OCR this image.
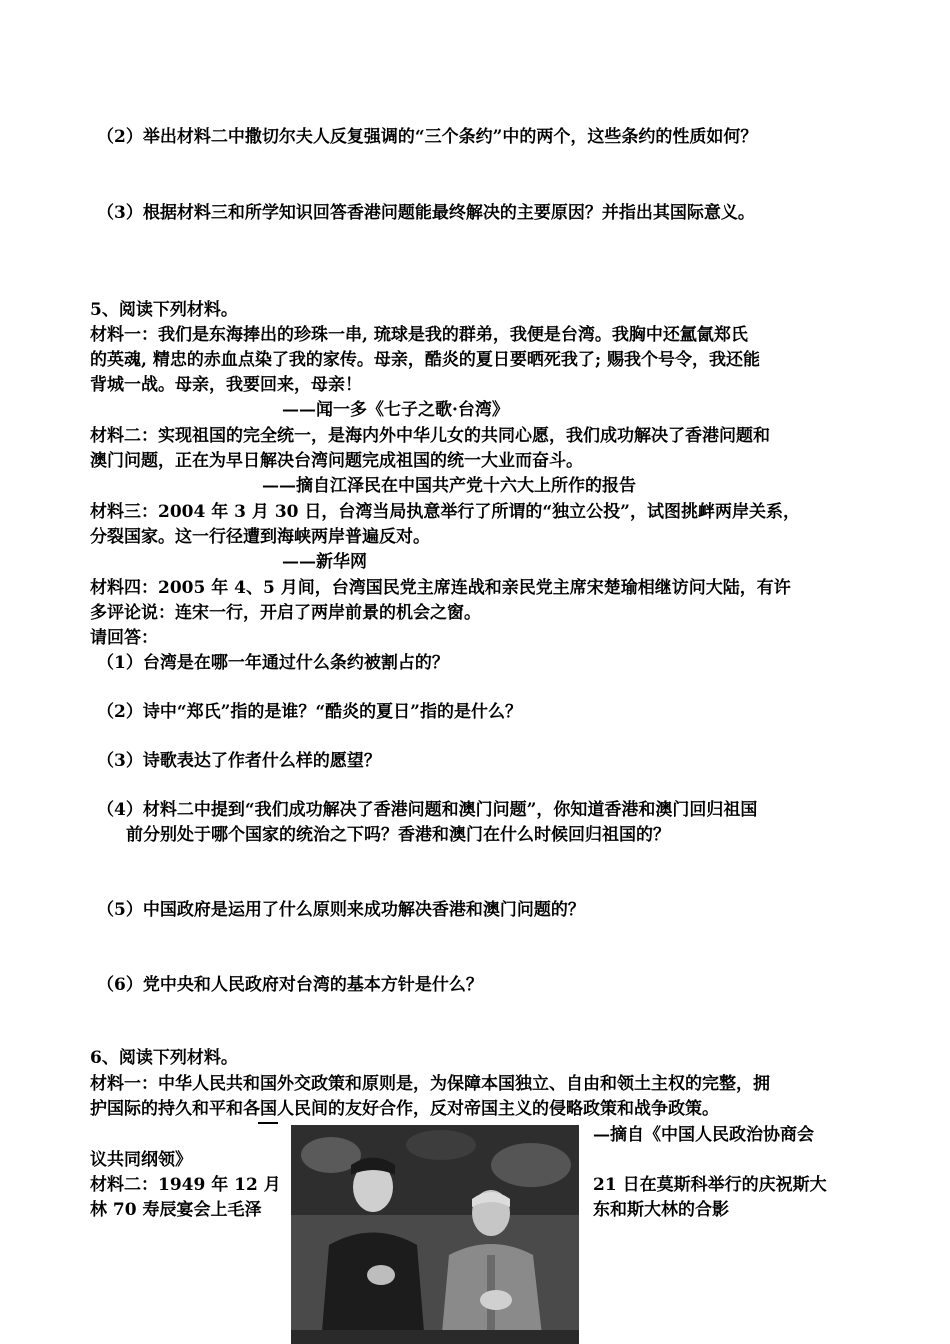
（2）举出材料二中撒切尔夫人反复强调的“三个条约”中的两个，这些条约的性质如何？
（3）根据材料三和所学知识回答香港问题能最终解决的主要原因？并指出其国际意义。
5、阅读下列材料。
材料一：我们是东海捧出的珍珠一串, 琉球是我的群弟，我便是台湾。我胸中还氲氤郑氏
的英魂, 精忠的赤血点染了我的家传。母亲，酷炎的夏日要晒死我了; 赐我个号令，我还能
背城一战。母亲，我要回来，母亲！
——闻一多《七子之歌·台湾》
材料二：实现祖国的完全统一，是海内外中华儿女的共同心愿，我们成功解决了香港问题和
澳门问题，正在为早日解决台湾问题完成祖国的统一大业而奋斗。
——摘自江泽民在中国共产党十六大上所作的报告
材料三：2004 年 3 月 30 日，台湾当局执意举行了所谓的“独立公投”，试图挑衅两岸关系，
分裂国家。这一行径遭到海峡两岸普遍反对。
——新华网
材料四：2005 年 4、5 月间，台湾国民党主席连战和亲民党主席宋楚瑜相继访问大陆，有许
多评论说：连宋一行，开启了两岸前景的机会之窗。
请回答：
（1）台湾是在哪一年通过什么条约被割占的？
（2）诗中“郑氏”指的是谁？“酷炎的夏日”指的是什么？
（3）诗歌表达了作者什么样的愿望？
（4）材料二中提到“我们成功解决了香港问题和澳门问题”，你知道香港和澳门回归祖国
前分别处于哪个国家的统治之下吗？香港和澳门在什么时候回归祖国的？
（5）中国政府是运用了什么原则来成功解决香港和澳门问题的？
（6）党中央和人民政府对台湾的基本方针是什么？
6、阅读下列材料。
材料一：中华人民共和国外交政策和原则是，为保障本国独立、自由和领土主权的完整，拥
护国际的持久和平和各国人民间的友好合作，反对帝国主义的侵略政策和战争政策。
—摘自《中国人民政治协商会
议共同纲领》
材料二：1949 年 12 月	21 日在莫斯科举行的庆祝斯大
林 70 寿辰宴会上毛泽	东和斯大林的合影
